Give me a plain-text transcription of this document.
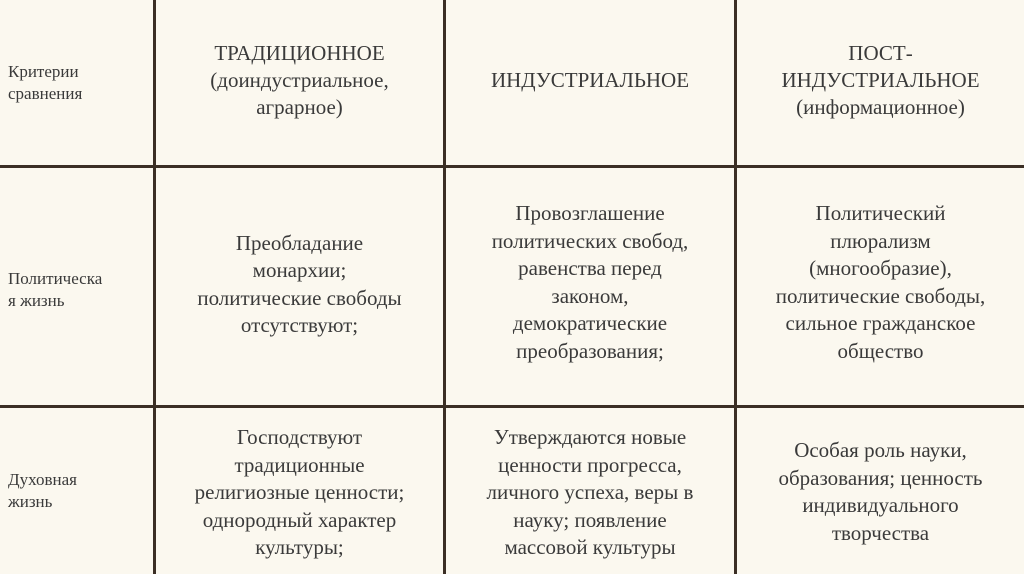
Критерии
сравнения
ТРАДИЦИОННОЕ
(доиндустриальное,
аграрное)
ИНДУСТРИАЛЬНОЕ
ПОСТ-
ИНДУСТРИАЛЬНОЕ
(информационное)
Политическа
я жизнь
Преобладание
монархии;
политические свободы
отсутствуют;
Провозглашение
политических свобод,
равенства перед
законом,
демократические
преобразования;
Политический
плюрализм
(многообразие),
политические свободы,
сильное гражданское
общество
Духовная
жизнь
Господствуют
традиционные
религиозные ценности;
однородный характер
культуры;
Утверждаются новые
ценности прогресса,
личного успеха, веры в
науку; появление
массовой культуры
Особая роль науки,
образования; ценность
индивидуального
творчества
